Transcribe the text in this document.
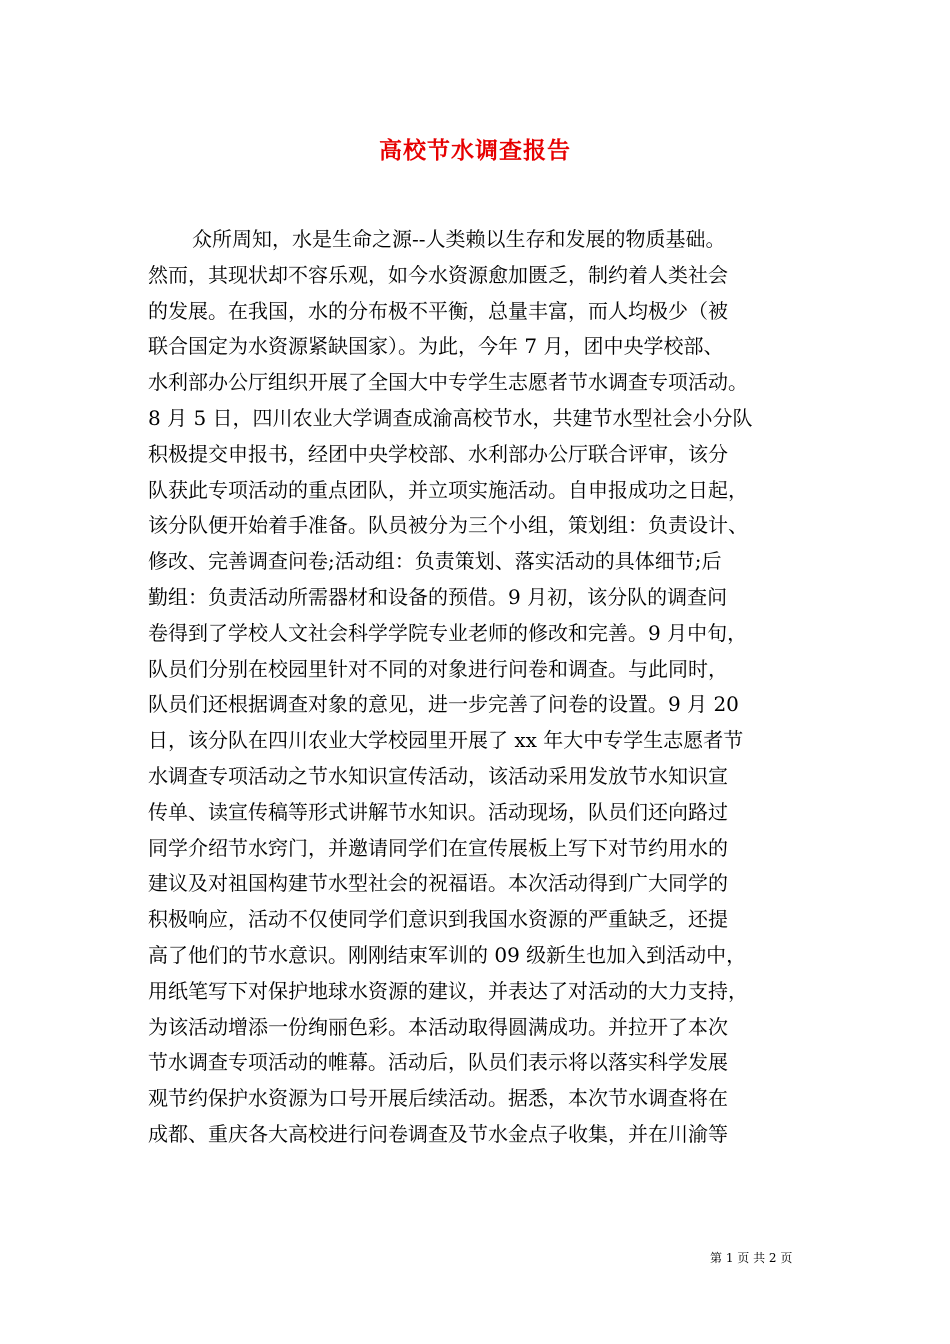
高校节水调查报告
众所周知，水是生命之源--人类赖以生存和发展的物质基础。
然而，其现状却不容乐观，如今水资源愈加匮乏，制约着人类社会
的发展。在我国，水的分布极不平衡，总量丰富，而人均极少（被
联合国定为水资源紧缺国家）。为此，今年 7 月，团中央学校部、
水利部办公厅组织开展了全国大中专学生志愿者节水调查专项活动。
8 月 5 日，四川农业大学调查成渝高校节水，共建节水型社会小分队
积极提交申报书，经团中央学校部、水利部办公厅联合评审，该分
队获此专项活动的重点团队，并立项实施活动。自申报成功之日起，
该分队便开始着手准备。队员被分为三个小组，策划组：负责设计、
修改、完善调查问卷;活动组：负责策划、落实活动的具体细节;后
勤组：负责活动所需器材和设备的预借。9 月初，该分队的调查问
卷得到了学校人文社会科学学院专业老师的修改和完善。9 月中旬，
队员们分别在校园里针对不同的对象进行问卷和调查。与此同时，
队员们还根据调查对象的意见，进一步完善了问卷的设置。9 月 20
日，该分队在四川农业大学校园里开展了 xx 年大中专学生志愿者节
水调查专项活动之节水知识宣传活动，该活动采用发放节水知识宣
传单、读宣传稿等形式讲解节水知识。活动现场，队员们还向路过
同学介绍节水窍门，并邀请同学们在宣传展板上写下对节约用水的
建议及对祖国构建节水型社会的祝福语。本次活动得到广大同学的
积极响应，活动不仅使同学们意识到我国水资源的严重缺乏，还提
高了他们的节水意识。刚刚结束军训的 09 级新生也加入到活动中，
用纸笔写下对保护地球水资源的建议，并表达了对活动的大力支持，
为该活动增添一份绚丽色彩。本活动取得圆满成功。并拉开了本次
节水调查专项活动的帷幕。活动后，队员们表示将以落实科学发展
观节约保护水资源为口号开展后续活动。据悉，本次节水调查将在
成都、重庆各大高校进行问卷调查及节水金点子收集，并在川渝等
第 1 页 共 2 页
